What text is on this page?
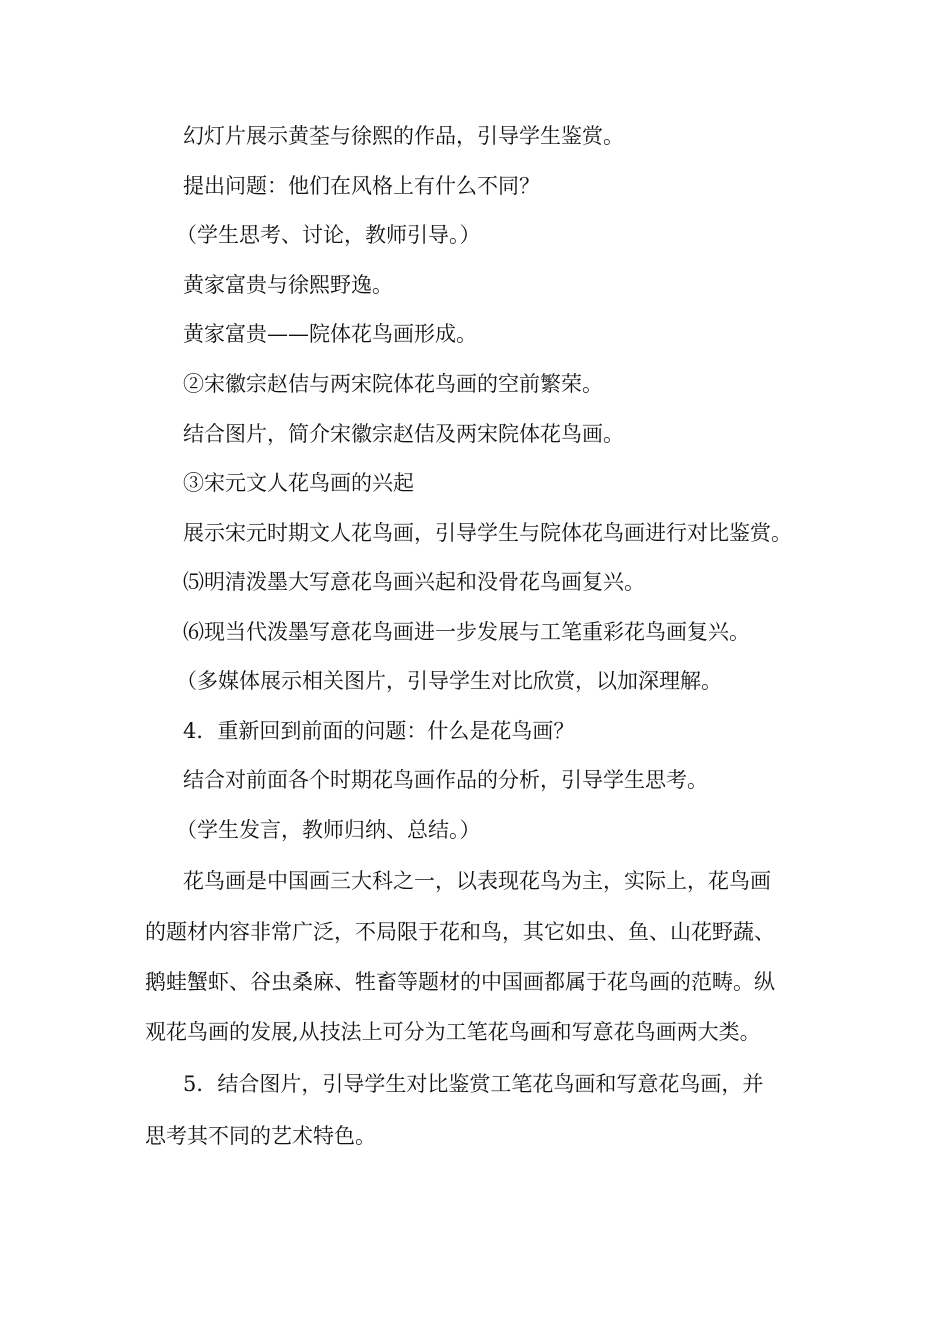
幻灯片展示黄荃与徐熙的作品，引导学生鉴赏。
提出问题：他们在风格上有什么不同？
（学生思考、讨论，教师引导。）
黄家富贵与徐熙野逸。
黄家富贵——院体花鸟画形成。
②宋徽宗赵佶与两宋院体花鸟画的空前繁荣。
结合图片，简介宋徽宗赵佶及两宋院体花鸟画。
③宋元文人花鸟画的兴起
展示宋元时期文人花鸟画，引导学生与院体花鸟画进行对比鉴赏。
⑸明清泼墨大写意花鸟画兴起和没骨花鸟画复兴。
⑹现当代泼墨写意花鸟画进一步发展与工笔重彩花鸟画复兴。
（多媒体展示相关图片，引导学生对比欣赏，以加深理解。
4．重新回到前面的问题：什么是花鸟画？
结合对前面各个时期花鸟画作品的分析，引导学生思考。
（学生发言，教师归纳、总结。）
花鸟画是中国画三大科之一，以表现花鸟为主，实际上，花鸟画
的题材内容非常广泛，不局限于花和鸟，其它如虫、鱼、山花野蔬、
鹅蛙蟹虾、谷虫桑麻、牲畜等题材的中国画都属于花鸟画的范畴。纵
观花鸟画的发展,从技法上可分为工笔花鸟画和写意花鸟画两大类。
5．结合图片，引导学生对比鉴赏工笔花鸟画和写意花鸟画，并
思考其不同的艺术特色。
